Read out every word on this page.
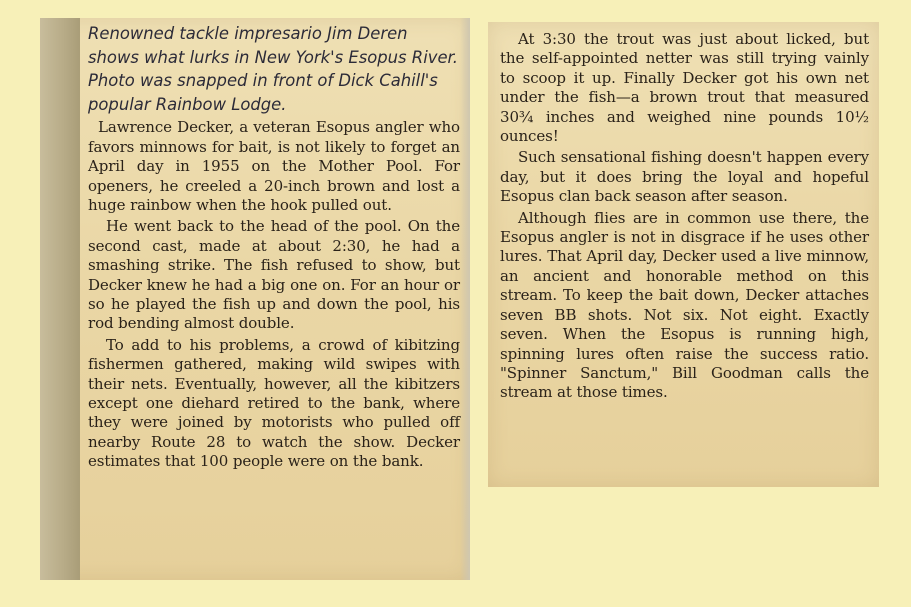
Renowned tackle impresario Jim Deren shows what lurks in New York's Esopus River. Photo was snapped in front of Dick Cahill's popular Rainbow Lodge.

Lawrence Decker, a veteran Esopus angler who favors minnows for bait, is not likely to forget an April day in 1955 on the Mother Pool. For openers, he creeled a 20-inch brown and lost a huge rainbow when the hook pulled out.

He went back to the head of the pool. On the second cast, made at about 2:30, he had a smashing strike. The fish refused to show, but Decker knew he had a big one on. For an hour or so he played the fish up and down the pool, his rod bending almost double.

To add to his problems, a crowd of kibitzing fishermen gathered, making wild swipes with their nets. Eventually, however, all the kibitzers except one diehard retired to the bank, where they were joined by motorists who pulled off nearby Route 28 to watch the show. Decker estimates that 100 people were on the bank.

At 3:30 the trout was just about licked, but the self-appointed netter was still trying vainly to scoop it up. Finally Decker got his own net under the fish—a brown trout that measured 30¾ inches and weighed nine pounds 10½ ounces!

Such sensational fishing doesn't happen every day, but it does bring the loyal and hopeful Esopus clan back season after season.

Although flies are in common use there, the Esopus angler is not in disgrace if he uses other lures. That April day, Decker used a live minnow, an ancient and honorable method on this stream. To keep the bait down, Decker attaches seven BB shots. Not six. Not eight. Exactly seven. When the Esopus is running high, spinning lures often raise the success ratio. "Spinner Sanctum," Bill Goodman calls the stream at those times.
